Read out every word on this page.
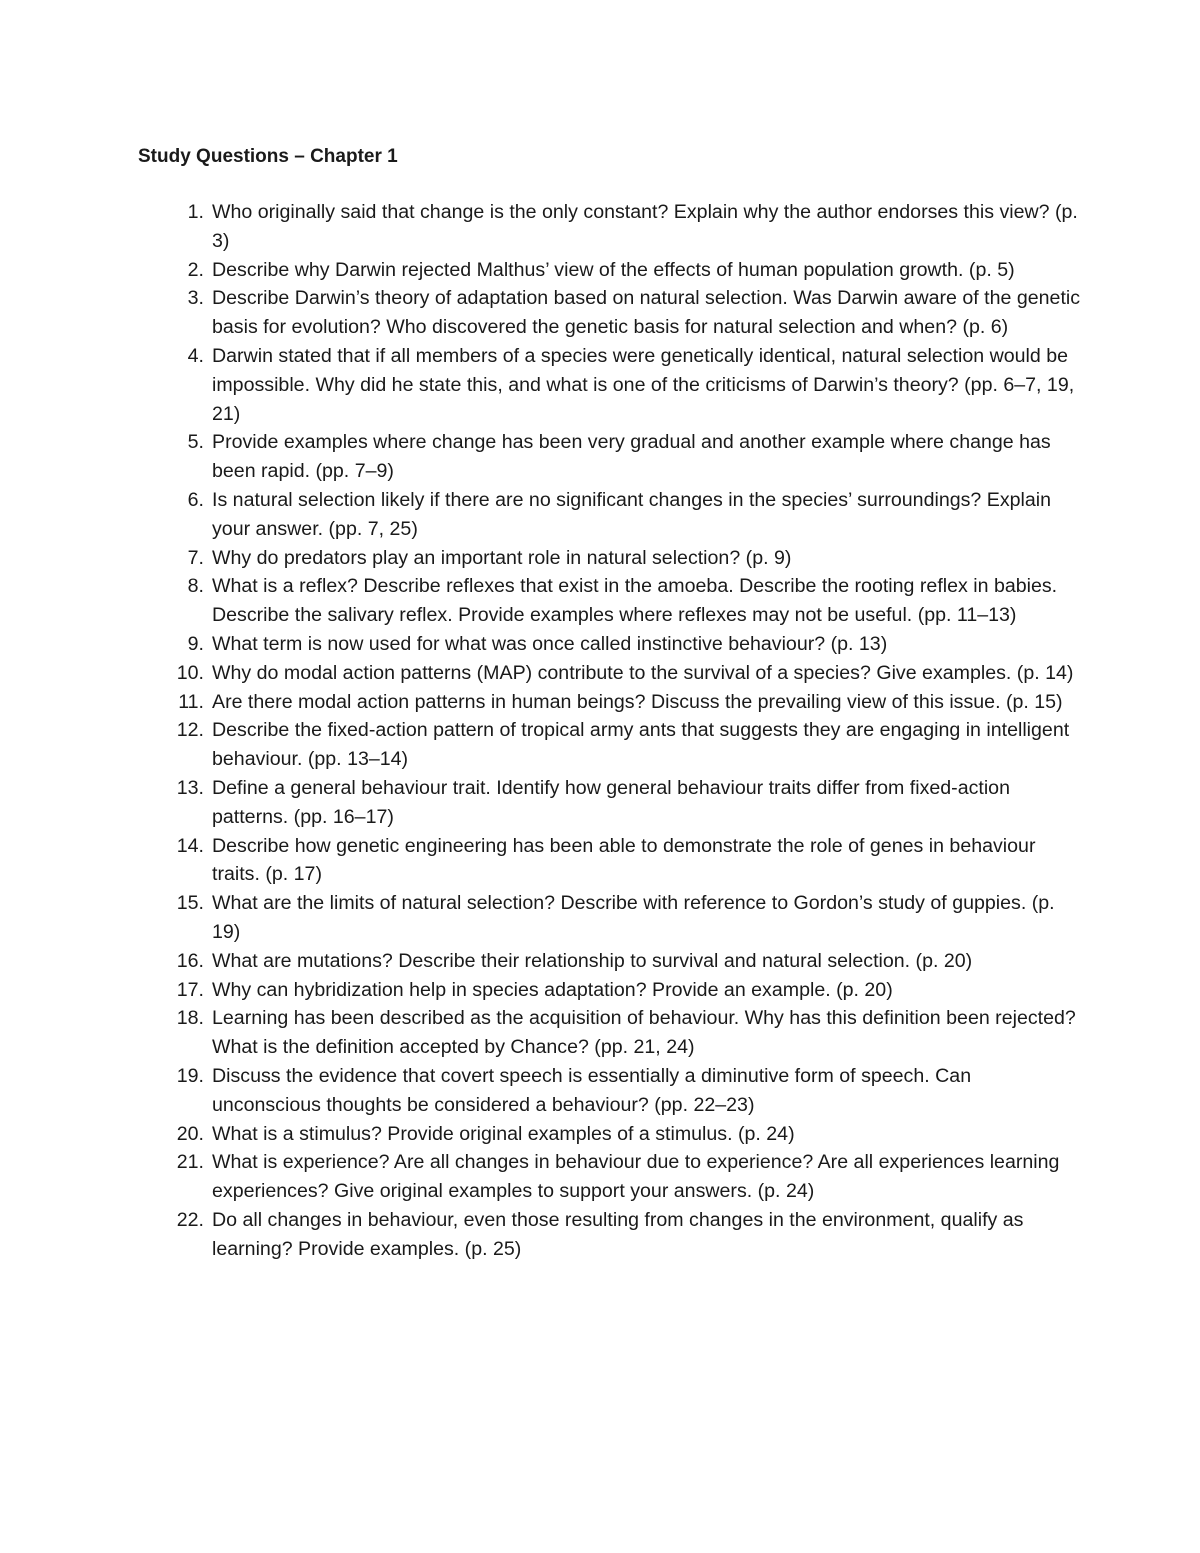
Study Questions – Chapter 1
1. Who originally said that change is the only constant? Explain why the author endorses this view? (p. 3)
2. Describe why Darwin rejected Malthus’ view of the effects of human population growth. (p. 5)
3. Describe Darwin’s theory of adaptation based on natural selection. Was Darwin aware of the genetic basis for evolution? Who discovered the genetic basis for natural selection and when? (p. 6)
4. Darwin stated that if all members of a species were genetically identical, natural selection would be impossible. Why did he state this, and what is one of the criticisms of Darwin’s theory? (pp. 6–7, 19, 21)
5. Provide examples where change has been very gradual and another example where change has been rapid. (pp. 7–9)
6. Is natural selection likely if there are no significant changes in the species’ surroundings? Explain your answer. (pp. 7, 25)
7. Why do predators play an important role in natural selection? (p. 9)
8. What is a reflex? Describe reflexes that exist in the amoeba. Describe the rooting reflex in babies. Describe the salivary reflex. Provide examples where reflexes may not be useful. (pp. 11–13)
9. What term is now used for what was once called instinctive behaviour? (p. 13)
10. Why do modal action patterns (MAP) contribute to the survival of a species? Give examples. (p. 14)
11. Are there modal action patterns in human beings? Discuss the prevailing view of this issue. (p. 15)
12. Describe the fixed-action pattern of tropical army ants that suggests they are engaging in intelligent behaviour. (pp. 13–14)
13. Define a general behaviour trait. Identify how general behaviour traits differ from fixed-action patterns. (pp. 16–17)
14. Describe how genetic engineering has been able to demonstrate the role of genes in behaviour traits. (p. 17)
15. What are the limits of natural selection? Describe with reference to Gordon’s study of guppies. (p. 19)
16. What are mutations? Describe their relationship to survival and natural selection. (p. 20)
17. Why can hybridization help in species adaptation? Provide an example. (p. 20)
18. Learning has been described as the acquisition of behaviour. Why has this definition been rejected? What is the definition accepted by Chance? (pp. 21, 24)
19. Discuss the evidence that covert speech is essentially a diminutive form of speech. Can unconscious thoughts be considered a behaviour? (pp. 22–23)
20. What is a stimulus? Provide original examples of a stimulus. (p. 24)
21. What is experience? Are all changes in behaviour due to experience? Are all experiences learning experiences? Give original examples to support your answers. (p. 24)
22. Do all changes in behaviour, even those resulting from changes in the environment, qualify as learning? Provide examples. (p. 25)
